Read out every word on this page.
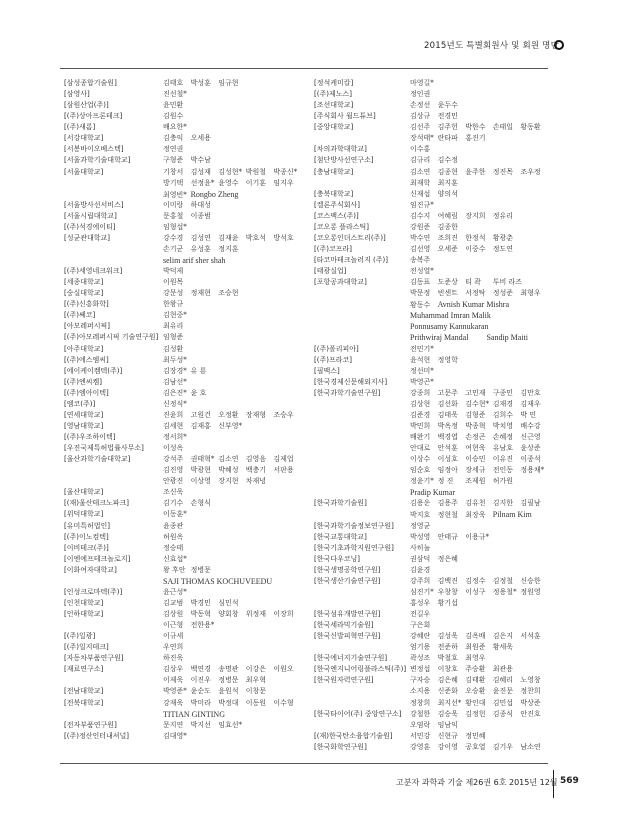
2015년도 특별회원사 및 회원 명단
[삼성종합기술원]	김태호 박성훈 임규현
[삼영사]	진선철*
[삼원산업(주)]	윤민환
[(주)상아프론테크]	김원수
[(주)새롬]	배요한*
[서강대학교]	김충익 오세용
[서봉바이오베스텍]	정연권
[서울과학기술대학교]	구형준 박수남
[서울대학교]	기창서 김성재 김성현* 박원철 박종신*
방기택 선정윤* 윤영수 이기훈 임지우
최영빈* Rongbo Zheng
[서울방사선서비스]	이미랑 하대성
[서울시립대학교]	문홍철 이종범
[(주)석경에이티]	임형섭*
[성균관대학교]	강수경 김성연 김재윤 박호석 방석호
손기군 유성훈 정지훈
selim arif sher shah
[(주)세영네크워크]	박덕제
[세종대학교]	이원목
[숭실대학교]	강문성 정재현 조승현
[(주)신흥화학]	한왕규
[(주)쎄코]	김현중*
[아모레퍼시픽]	최유리
[(주)아모레퍼시픽 기술연구원] 임형준
[아주대학교]	김성환
[(주)에스엠씨]	최두성*
[에이케이켐텍(주)]	김장경* 유 룡
[(주)엔씨켐]	김남선*
[(주)엠아이텍]	김은진* 윤 호
[엠코(주)]	신정식*
[연세대학교]	진윤희 고원건 오정환 장재형 조승우
[영남대학교]	김세현 김재홍 신부영*
[(주)우조하이텍]	정서희*
[우진국제특허법률사무소]	이성옥
[울산과학기술대학교]	강석주 권태혁* 김소연 김영음 김제업
김진영 박광현 박혜성 백충기 서판용
안광진 이상영 장지현 차재녕
[울산대학교]	조신욱
[(재)울산테크노파크]	김기수 손형식
[위덕대학교]	이동훈*
[유미특허법인]	윤종관
[(주)이노컴텍]	허원옥
[이비테크(주)]	정승태
[이엔에프테크놀로지]	신효섭*
[이화여자대학교]	왕 후안 정병문
SAJI THOMAS KOCHUVEEDU
[인성크로마텍(주)]	윤근성*
[인천대학교]	김교범 박경민 심민석
[인하대학교]	김상원 박동혁 양회창 위정재 이장희
이근형 전한용*
[(주)일광]	이규세
[(주)일지테크]	우연희
[자동차부품연구원]	하진욱
[재료연구소]	김상우 백연경 송명관 이강은 이원오
이제욱 이진우 정병문 최우혁
[전남대학교]	박영준* 윤순도 윤원석 이창문
[전북대학교]	강재욱 박미라 박정대 이동원 이수형
TITIAN GINTING
[전자부품연구원]	문지연 박지선 임효선*
[(주)정산인터내셔널]	김대영*
[정석케미칼]	마영길*
[(주)제노스]	정인권
[조선대학교]	손정선 윤두수
[주식회사 월드튜브]	김상규 전경민
[중앙대학교]	김선주 김주헌 박한수 손태일 황동환
장석태* 란타파 홍진기
[차의과학대학교]	이수홍
[첨단방사선연구소]	김규리 김수정
[충남대학교]	김소연 김종현 윤주한 정진목 조우정
최재학 최지훈
[충북대학교]	신재섭 양의석
[켈론주식회사]	임진규*
[코스맥스(주)]	김수지 여혜림 장지희 정유리
[코오롱 플라스틱]	강원준 김종한
[코오롱인더스트리(주)]	박수연 조희진 한정석 황광춘
[(주)코프라]	김선영 오세준 이중수 정도연
[타코마테크놀러지 (주)]	송복주
[태광실업]	전성열*
[포항공과대학교]	김동표 도준상 티 곽 투비 라즈
박문정 빈센트 서정탁 정성준 최형우
황동수 Avnish Kumar Mishra
Muhammad Imran Malik
Ponnusamy Kannukaran
Prithwiraj Mandal Sandip Maiti
[(주)폴리피아]	전민기*
[(주)프라코]	윤석현 정영학
[필맥스]	정선미*
[한국경제신문해외지사]	박영곤*
[한국과학기술연구원]	강종희 고문주 고민재 구종민 김만호
김상현 김선화 김수현* 김재경 김재우
김준경 김태욱 김형준 김희수 박 민
박민희 박옥정 박종혁 박치영 배수강
배완기 백경엽 손정곤 손혜정 신근영
안대로 안석훈 여현욱 유남호 윤상준
이상수 이성호 이승민 이유진 이종석
임순호 임정아 장세규 전인동 정용채*
정윤기* 정 진 조제원 허가원
Pradip Kumar
[한국과학기술원]	김용운 김용주 김유천 김지한 김필남
박지호 정현철 최장욱 Pilnam Kim
[한국과학기술정보연구원] 정영균
[한국교통대학교]	박성영 안태규 이용규*
[한국기초과학지원연구원] 사히눌
[한국다우코닝]	권삼덕 정은혜
[한국생명공학연구원]	김윤경
[한국생산기술연구원]	강주희 김백진 김정수 김정철 신승한
심진기* 우창창 이성구 정용철* 정원영
홍성우 황기섭
[한국섬유개발연구원]	전길우
[한국세라믹기술원]	구은회
[한국신발피혁연구원]	강혜란 김성욱 김옥배 김은지 서석훈
엄기용 전준하 최원준 황세욱
[한국에너지기술연구원]	곽성조 박철호 최영우
[한국엔지니어링플라스틱(주)] 변정섭 이창호 주승환 최관용
[한국원자력연구원]	구자승 김은혜 김태환 김혜리 노영창
소지용 신준화 오승환 윤진문 정찬희
정창희 최지선* 황인대 김민섭 박상준
[한국타이어(주) 중앙연구소] 강철한 김승욱 김정헌 김종식 안진호
오염락 임남익
[(재)한국탄소융합기술원] 서민강 신현규 정민혜
[한국화학연구원]	강영훈 강이영 공호열 김기우 남소연
고분자 과학과 기술 제26권 6호 2015년 12월 569
